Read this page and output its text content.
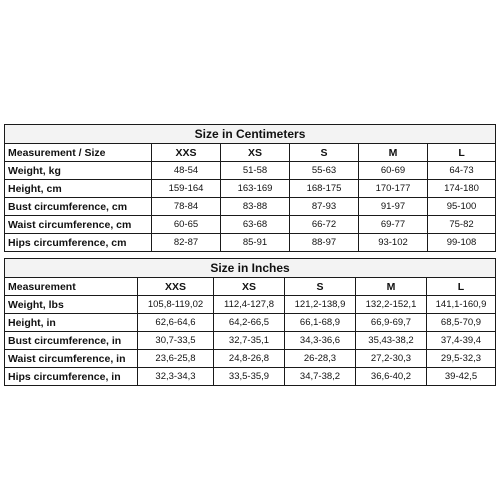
Size in Centimeters					
Measurement / Size	XXS	XS	S	M	L
Weight, kg	48-54	51-58	55-63	60-69	64-73
Height, cm	159-164	163-169	168-175	170-177	174-180
Bust circumference, cm	78-84	83-88	87-93	91-97	95-100
Waist circumference, cm	60-65	63-68	66-72	69-77	75-82
Hips circumference, cm	82-87	85-91	88-97	93-102	99-108
Size in Inches					
Measurement	XXS	XS	S	M	L
Weight, lbs	105,8-119,02	112,4-127,8	121,2-138,9	132,2-152,1	141,1-160,9
Height, in	62,6-64,6	64,2-66,5	66,1-68,9	66,9-69,7	68,5-70,9
Bust circumference, in	30,7-33,5	32,7-35,1	34,3-36,6	35,43-38,2	37,4-39,4
Waist circumference, in	23,6-25,8	24,8-26,8	26-28,3	27,2-30,3	29,5-32,3
Hips circumference, in	32,3-34,3	33,5-35,9	34,7-38,2	36,6-40,2	39-42,5
